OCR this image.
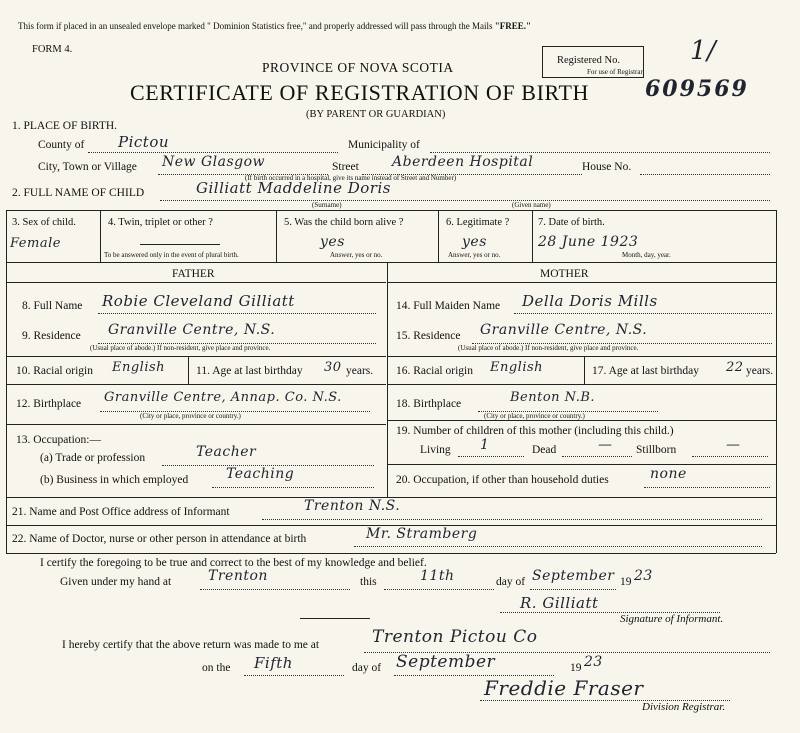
This form if placed in an unsealed envelope marked " Dominion Statistics free," and properly addressed will pass through the Mails "FREE."
FORM 4.
PROVINCE OF NOVA SCOTIA
CERTIFICATE OF REGISTRATION OF BIRTH
(BY PARENT OR GUARDIAN)
Registered No.
For use of Registrar
1/
609569
1. PLACE OF BIRTH.
County of Pictou	Municipality of
City, Town or Village New Glasgow	Street Aberdeen Hospital	House No.
(If birth occurred in a hospital, give its name instead of Street and Number)
2. FULL NAME OF CHILD	Gilliatt Maddeline Doris
(Surname)	(Given name)
3. Sex of child.
Female
4. Twin, triplet or other ?
To be answered only in the event of plural birth.
5. Was the child born alive ?
yes
Answer, yes or no.
6. Legitimate ?
yes
Answer, yes or no.
7. Date of birth.
28 June 1923
Month, day, year.
FATHER
8. Full Name Robie Cleveland Gilliatt
9. Residence Granville Centre, N.S.
(Usual place of abode.) If non-resident, give place and province.
10. Racial origin English	11. Age at last birthday 30 years.
12. Birthplace Granville Centre, Annap. Co. N.S.
(City or place, province or country.)
13. Occupation:—
(a) Trade or profession	Teacher
(b) Business in which employed	Teaching
MOTHER
14. Full Maiden Name Della Doris Mills
15. Residence Granville Centre, N.S.
(Usual place of abode.) If non-resident, give place and province.
16. Racial origin English	17. Age at last birthday 22 years.
18. Birthplace	Benton N.B.
(City or place, province or country.)
19. Number of children of this mother (including this child.)
Living 1	Dead	— Stillborn	—
20. Occupation, if other than household duties	none
21. Name and Post Office address of Informant	Trenton N.S.
22. Name of Doctor, nurse or other person in attendance at birth	Mr. Stramberg
I certify the foregoing to be true and correct to the best of my knowledge and belief.
Given under my hand at	Trenton	this	11th	day of September 19 23
R. Gilliatt
Signature of Informant.
I hereby certify that the above return was made to me at	Trenton Pictou Co
on the Fifth	day of September	19 23
Freddie Fraser
Division Registrar.
